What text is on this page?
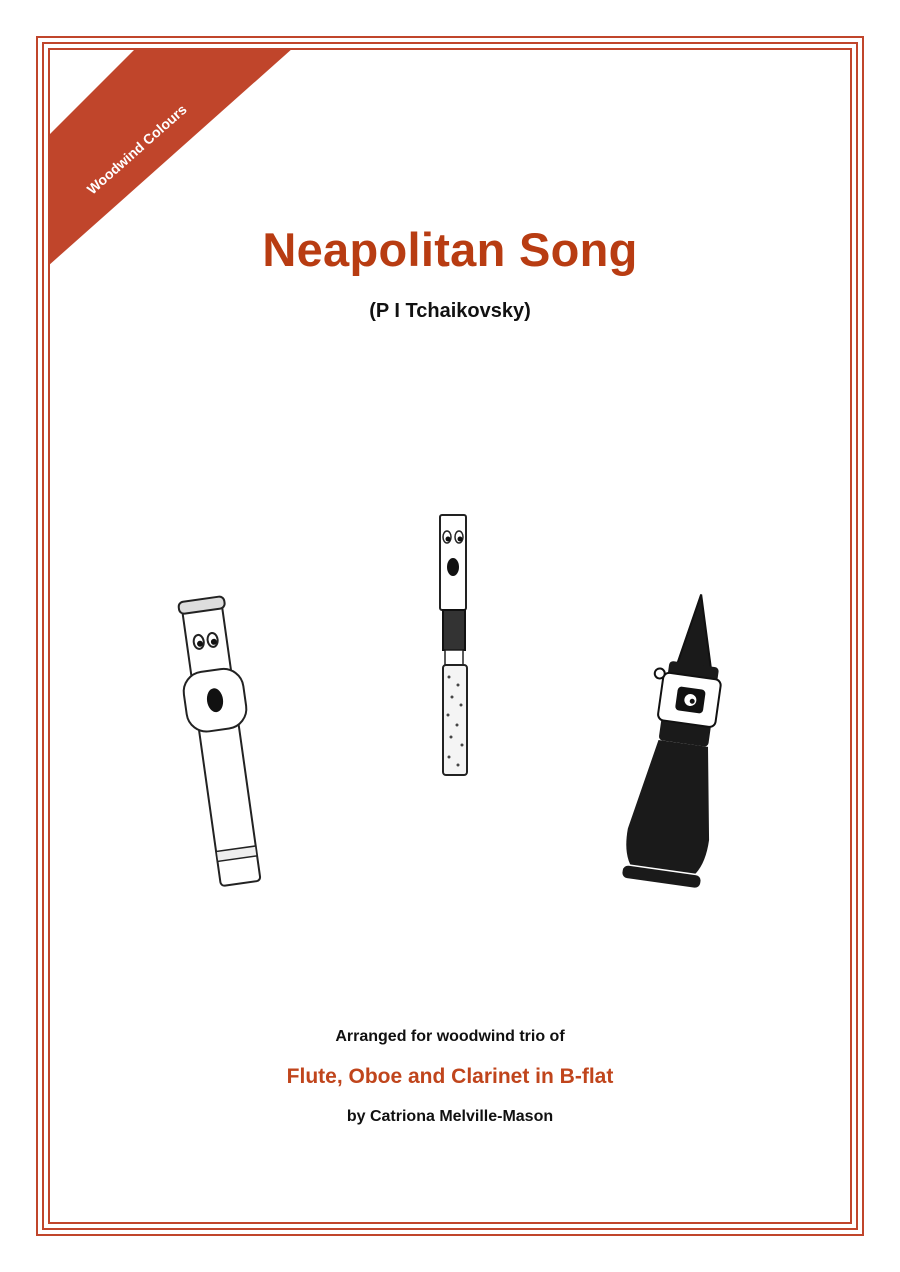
Woodwind Colours
Neapolitan Song
(P I Tchaikovsky)
Arranged for woodwind trio of
Flute, Oboe and Clarinet in B-flat
by Catriona Melville-Mason
